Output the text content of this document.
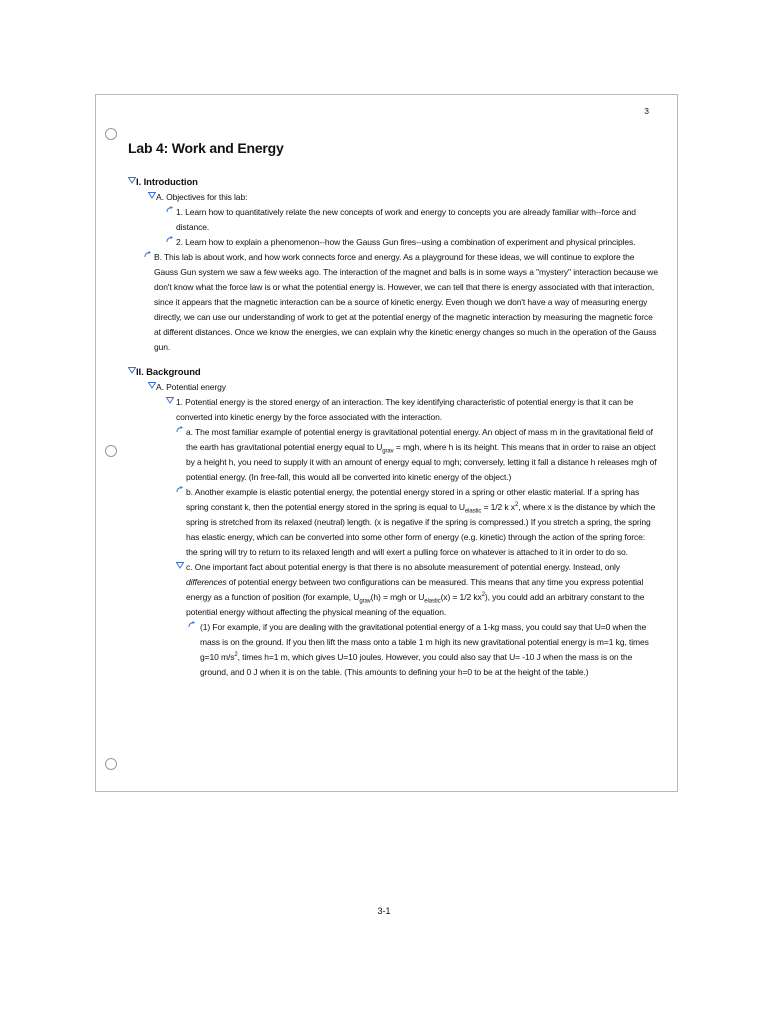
3
Lab 4: Work and Energy
I. Introduction
A. Objectives for this lab:
1. Learn how to quantitatively relate the new concepts of work and energy to concepts you are already familiar with--force and distance.
2. Learn how to explain a phenomenon--how the Gauss Gun fires--using a combination of experiment and physical principles.
B. This lab is about work, and how work connects force and energy. As a playground for these ideas, we will continue to explore the Gauss Gun system we saw a few weeks ago. The interaction of the magnet and balls is in some ways a "mystery" interaction because we don't know what the force law is or what the potential energy is. However, we can tell that there is energy associated with that interaction, since it appears that the magnetic interaction can be a source of kinetic energy. Even though we don't have a way of measuring energy directly, we can use our understanding of work to get at the potential energy of the magnetic interaction by measuring the magnetic force at different distances. Once we know the energies, we can explain why the kinetic energy changes so much in the operation of the Gauss gun.
II. Background
A. Potential energy
1. Potential energy is the stored energy of an interaction. The key identifying characteristic of potential energy is that it can be converted into kinetic energy by the force associated with the interaction.
a. The most familiar example of potential energy is gravitational potential energy. An object of mass m in the gravitational field of the earth has gravitational potential energy equal to $U_{grav}$ = mgh, where h is its height. This means that in order to raise an object by a height h, you need to supply it with an amount of energy equal to mgh; conversely, letting it fall a distance h releases mgh of potential energy. (In free-fall, this would all be converted into kinetic energy of the object.)
b. Another example is elastic potential energy, the potential energy stored in a spring or other elastic material. If a spring has spring constant k, then the potential energy stored in the spring is equal to $U_{elastic} = 1/2$ k $x^2$, where x is the distance by which the spring is stretched from its relaxed (neutral) length. (x is negative if the spring is compressed.) If you stretch a spring, the spring has elastic energy, which can be converted into some other form of energy (e.g. kinetic) through the action of the spring force: the spring will try to return to its relaxed length and will exert a pulling force on whatever is attached to it in order to do so.
c. One important fact about potential energy is that there is no absolute measurement of potential energy. Instead, only differences of potential energy between two configurations can be measured. This means that any time you express potential energy as a function of position (for example, $U_{grav}(h)$ = mgh or $U_{elastic}(x) = 1/2$ $kx^2$), you could add an arbitrary constant to the potential energy without affecting the physical meaning of the equation.
(1) For example, if you are dealing with the gravitational potential energy of a 1-kg mass, you could say that U=0 when the mass is on the ground. If you then lift the mass onto a table 1 m high its new gravitational potential energy is m=1 kg, times g=10 $m/s^2$, times h=1 m, which gives U=10 joules. However, you could also say that U= -10 J when the mass is on the ground, and 0 J when it is on the table. (This amounts to defining your h=0 to be at the height of the table.)
3-1
